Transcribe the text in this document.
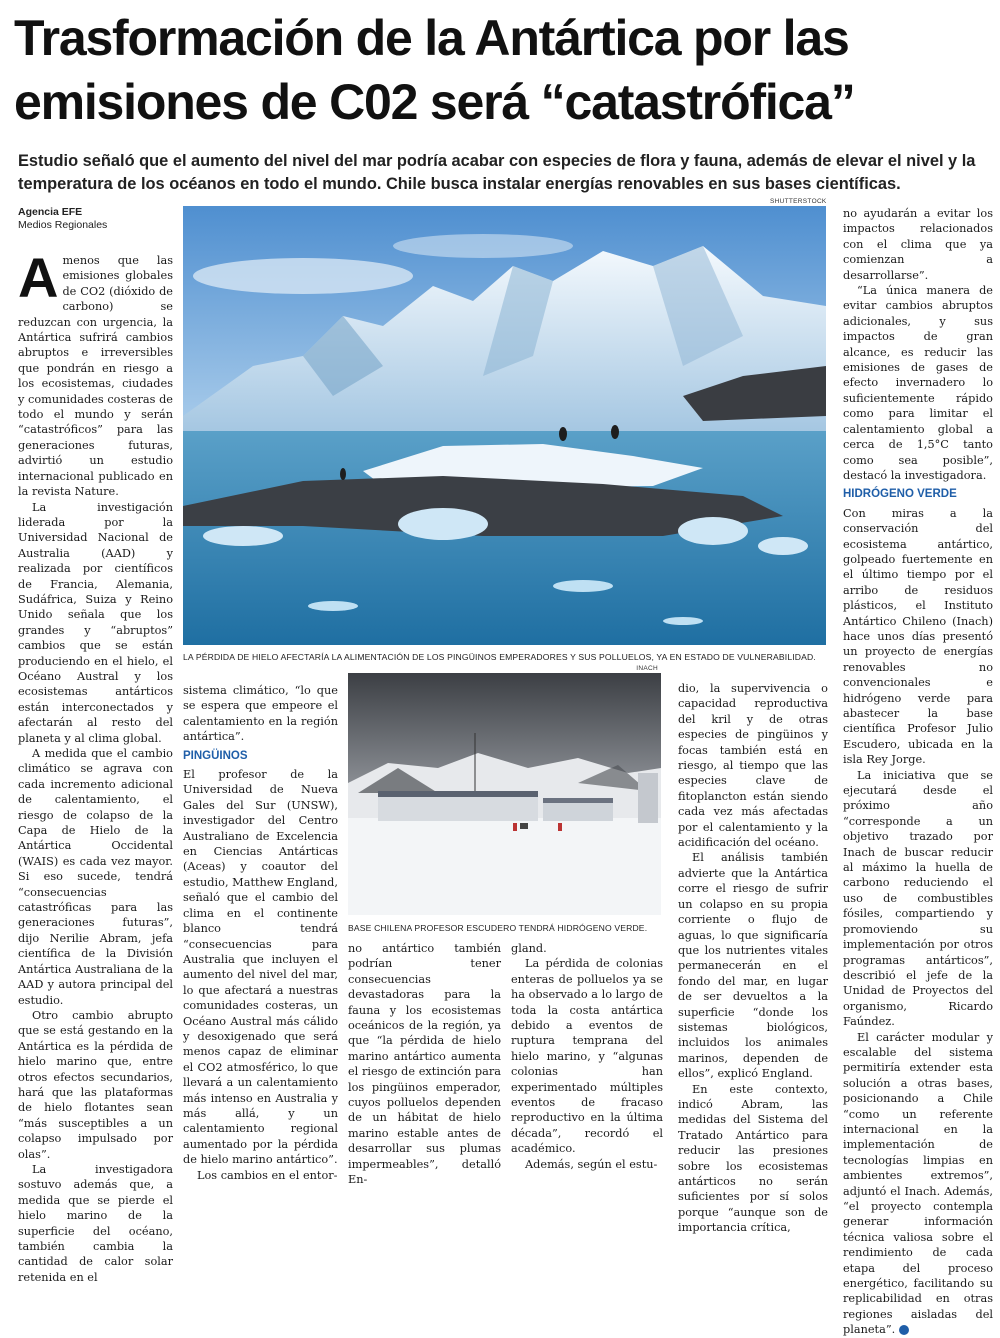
Trasformación de la Antártica por las
emisiones de C02 será “catastrófica”
Estudio señaló que el aumento del nivel del mar podría acabar con especies de flora y fauna, además de elevar el nivel y la temperatura de los océanos en todo el mundo. Chile busca instalar energías renovables en sus bases científicas.
Agencia EFE
Medios Regionales
SHUTTERSTOCK
LA PÉRDIDA DE HIELO AFECTARÍA LA ALIMENTACIÓN DE LOS PINGÜINOS EMPERADORES Y SUS POLLUELOS, YA EN ESTADO DE VULNERABILIDAD.
INACH
BASE CHILENA PROFESOR ESCUDERO TENDRÁ HIDRÓGENO VERDE.

Amenos que las emisiones globales de CO2 (dióxido de carbono) se reduzcan con urgencia, la Antártica sufrirá cambios abruptos e irreversibles que pondrán en riesgo a los ecosistemas, ciudades y comunidades costeras de todo el mundo y serán “catastróficos” para las generaciones futuras, advirtió un estudio internacional publicado en la revista Nature.

La investigación liderada por la Universidad Nacional de Australia (AAD) y realizada por científicos de Francia, Alemania, Sudáfrica, Suiza y Reino Unido señala que los grandes y “abruptos” cambios que se están produciendo en el hielo, el Océano Austral y los ecosistemas antárticos están interconectados y afectarán al resto del planeta y al clima global.

A medida que el cambio climático se agrava con cada incremento adicional de calentamiento, el riesgo de colapso de la Capa de Hielo de la Antártica Occidental (WAIS) es cada vez mayor. Si eso sucede, tendrá “consecuencias catastróficas para las generaciones futuras”, dijo Nerilie Abram, jefa científica de la División Antártica Australiana de la AAD y autora principal del estudio.

Otro cambio abrupto que se está gestando en la Antártica es la pérdida de hielo marino que, entre otros efectos secundarios, hará que las plataformas de hielo flotantes sean “más susceptibles a un colapso impulsado por olas”.

La investigadora sostuvo además que, a medida que se pierde el hielo marino de la superficie del océano, también cambia la cantidad de calor solar retenida en el

sistema climático, “lo que se espera que empeore el calentamiento en la región antártica”.

PINGÜINOS

El profesor de la Universidad de Nueva Gales del Sur (UNSW), investigador del Centro Australiano de Excelencia en Ciencias Antárticas (Aceas) y coautor del estudio, Matthew England, señaló que el cambio del clima en el continente blanco tendrá “consecuencias para Australia que incluyen el aumento del nivel del mar, lo que afectará a nuestras comunidades costeras, un Océano Austral más cálido y desoxigenado que será menos capaz de eliminar el CO2 atmosférico, lo que llevará a un calentamiento más intenso en Australia y más allá, y un calentamiento regional aumentado por la pérdida de hielo marino antártico”.

Los cambios en el entor-

no antártico también podrían tener consecuencias devastadoras para la fauna y los ecosistemas oceánicos de la región, ya que “la pérdida de hielo marino antártico aumenta el riesgo de extinción para los pingüinos emperador, cuyos polluelos dependen de un hábitat de hielo marino estable antes de desarrollar sus plumas impermeables”, detalló En-

gland.

La pérdida de colonias enteras de polluelos ya se ha observado a lo largo de toda la costa antártica debido a eventos de ruptura temprana del hielo marino, y “algunas colonias han experimentado múltiples eventos de fracaso reproductivo en la última década”, recordó el académico.

Además, según el estu-

dio, la supervivencia o capacidad reproductiva del kril y de otras especies de pingüinos y focas también está en riesgo, al tiempo que las especies clave de fitoplancton están siendo cada vez más afectadas por el calentamiento y la acidificación del océano.

El análisis también advierte que la Antártica corre el riesgo de sufrir un colapso en su propia corriente o flujo de aguas, lo que significaría que los nutrientes vitales permanecerán en el fondo del mar, en lugar de ser devueltos a la superficie “donde los sistemas biológicos, incluidos los animales marinos, dependen de ellos”, explicó England.

En este contexto, indicó Abram, las medidas del Sistema del Tratado Antártico para reducir las presiones sobre los ecosistemas antárticos no serán suficientes por sí solos porque “aunque son de importancia crítica,

no ayudarán a evitar los impactos relacionados con el clima que ya comienzan a desarrollarse”.

“La única manera de evitar cambios abruptos adicionales, y sus impactos de gran alcance, es reducir las emisiones de gases de efecto invernadero lo suficientemente rápido como para limitar el calentamiento global a cerca de 1,5°C tanto como sea posible”, destacó la investigadora.

HIDRÓGENO VERDE

Con miras a la conservación del ecosistema antártico, golpeado fuertemente en el último tiempo por el arribo de residuos plásticos, el Instituto Antártico Chileno (Inach) hace unos días presentó un proyecto de energías renovables no convencionales e hidrógeno verde para abastecer la base científica Profesor Julio Escudero, ubicada en la isla Rey Jorge.

La iniciativa que se ejecutará desde el próximo año “corresponde a un objetivo trazado por Inach de buscar reducir al máximo la huella de carbono reduciendo el uso de combustibles fósiles, compartiendo y promoviendo su implementación por otros programas antárticos”, describió el jefe de la Unidad de Proyectos del organismo, Ricardo Faúndez.

El carácter modular y escalable del sistema permitiría extender esta solución a otras bases, posicionando a Chile “como un referente internacional en la implementación de tecnologías limpias en ambientes extremos”, adjuntó el Inach. Además, “el proyecto contempla generar información técnica valiosa sobre el rendimiento de cada etapa del proceso energético, facilitando su replicabilidad en otras regiones aisladas del planeta”.	✪
